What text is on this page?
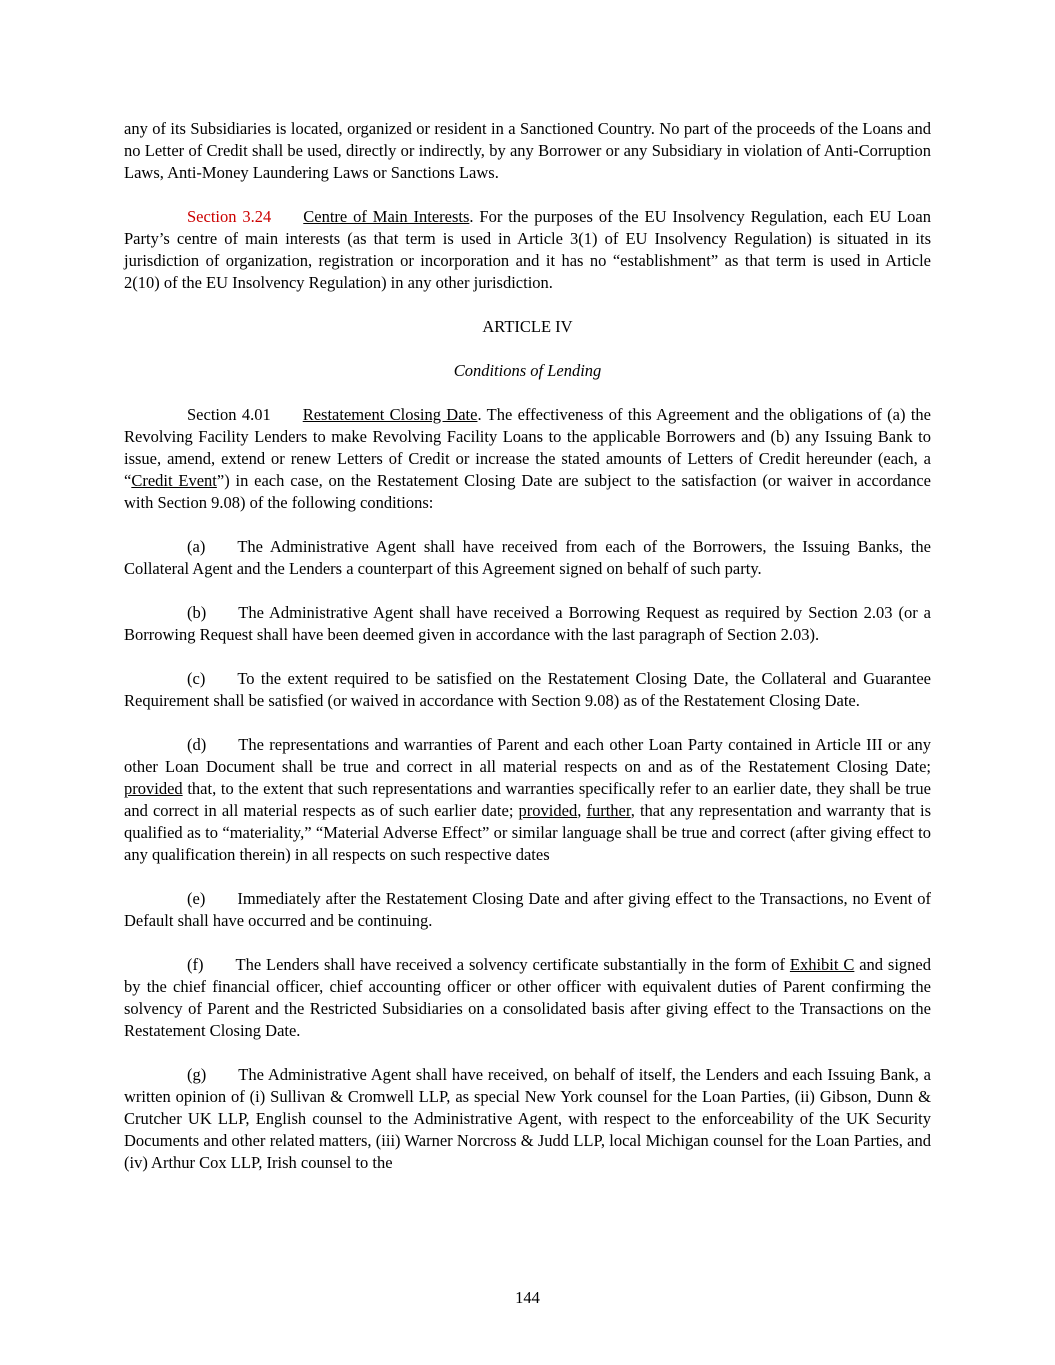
any of its Subsidiaries is located, organized or resident in a Sanctioned Country. No part of the proceeds of the Loans and no Letter of Credit shall be used, directly or indirectly, by any Borrower or any Subsidiary in violation of Anti-Corruption Laws, Anti-Money Laundering Laws or Sanctions Laws.

Section 3.24 Centre of Main Interests. For the purposes of the EU Insolvency Regulation, each EU Loan Party’s centre of main interests (as that term is used in Article 3(1) of EU Insolvency Regulation) is situated in its jurisdiction of organization, registration or incorporation and it has no “establishment” as that term is used in Article 2(10) of the EU Insolvency Regulation) in any other jurisdiction.

ARTICLE IV

Conditions of Lending

Section 4.01 Restatement Closing Date. The effectiveness of this Agreement and the obligations of (a) the Revolving Facility Lenders to make Revolving Facility Loans to the applicable Borrowers and (b) any Issuing Bank to issue, amend, extend or renew Letters of Credit or increase the stated amounts of Letters of Credit hereunder (each, a “Credit Event”) in each case, on the Restatement Closing Date are subject to the satisfaction (or waiver in accordance with Section 9.08) of the following conditions:

(a) The Administrative Agent shall have received from each of the Borrowers, the Issuing Banks, the Collateral Agent and the Lenders a counterpart of this Agreement signed on behalf of such party.

(b) The Administrative Agent shall have received a Borrowing Request as required by Section 2.03 (or a Borrowing Request shall have been deemed given in accordance with the last paragraph of Section 2.03).

(c) To the extent required to be satisfied on the Restatement Closing Date, the Collateral and Guarantee Requirement shall be satisfied (or waived in accordance with Section 9.08) as of the Restatement Closing Date.

(d) The representations and warranties of Parent and each other Loan Party contained in Article III or any other Loan Document shall be true and correct in all material respects on and as of the Restatement Closing Date; provided that, to the extent that such representations and warranties specifically refer to an earlier date, they shall be true and correct in all material respects as of such earlier date; provided, further, that any representation and warranty that is qualified as to “materiality,” “Material Adverse Effect” or similar language shall be true and correct (after giving effect to any qualification therein) in all respects on such respective dates

(e) Immediately after the Restatement Closing Date and after giving effect to the Transactions, no Event of Default shall have occurred and be continuing.

(f) The Lenders shall have received a solvency certificate substantially in the form of Exhibit C and signed by the chief financial officer, chief accounting officer or other officer with equivalent duties of Parent confirming the solvency of Parent and the Restricted Subsidiaries on a consolidated basis after giving effect to the Transactions on the Restatement Closing Date.

(g) The Administrative Agent shall have received, on behalf of itself, the Lenders and each Issuing Bank, a written opinion of (i) Sullivan & Cromwell LLP, as special New York counsel for the Loan Parties, (ii) Gibson, Dunn & Crutcher UK LLP, English counsel to the Administrative Agent, with respect to the enforceability of the UK Security Documents and other related matters, (iii) Warner Norcross & Judd LLP, local Michigan counsel for the Loan Parties, and (iv) Arthur Cox LLP, Irish counsel to the

144
